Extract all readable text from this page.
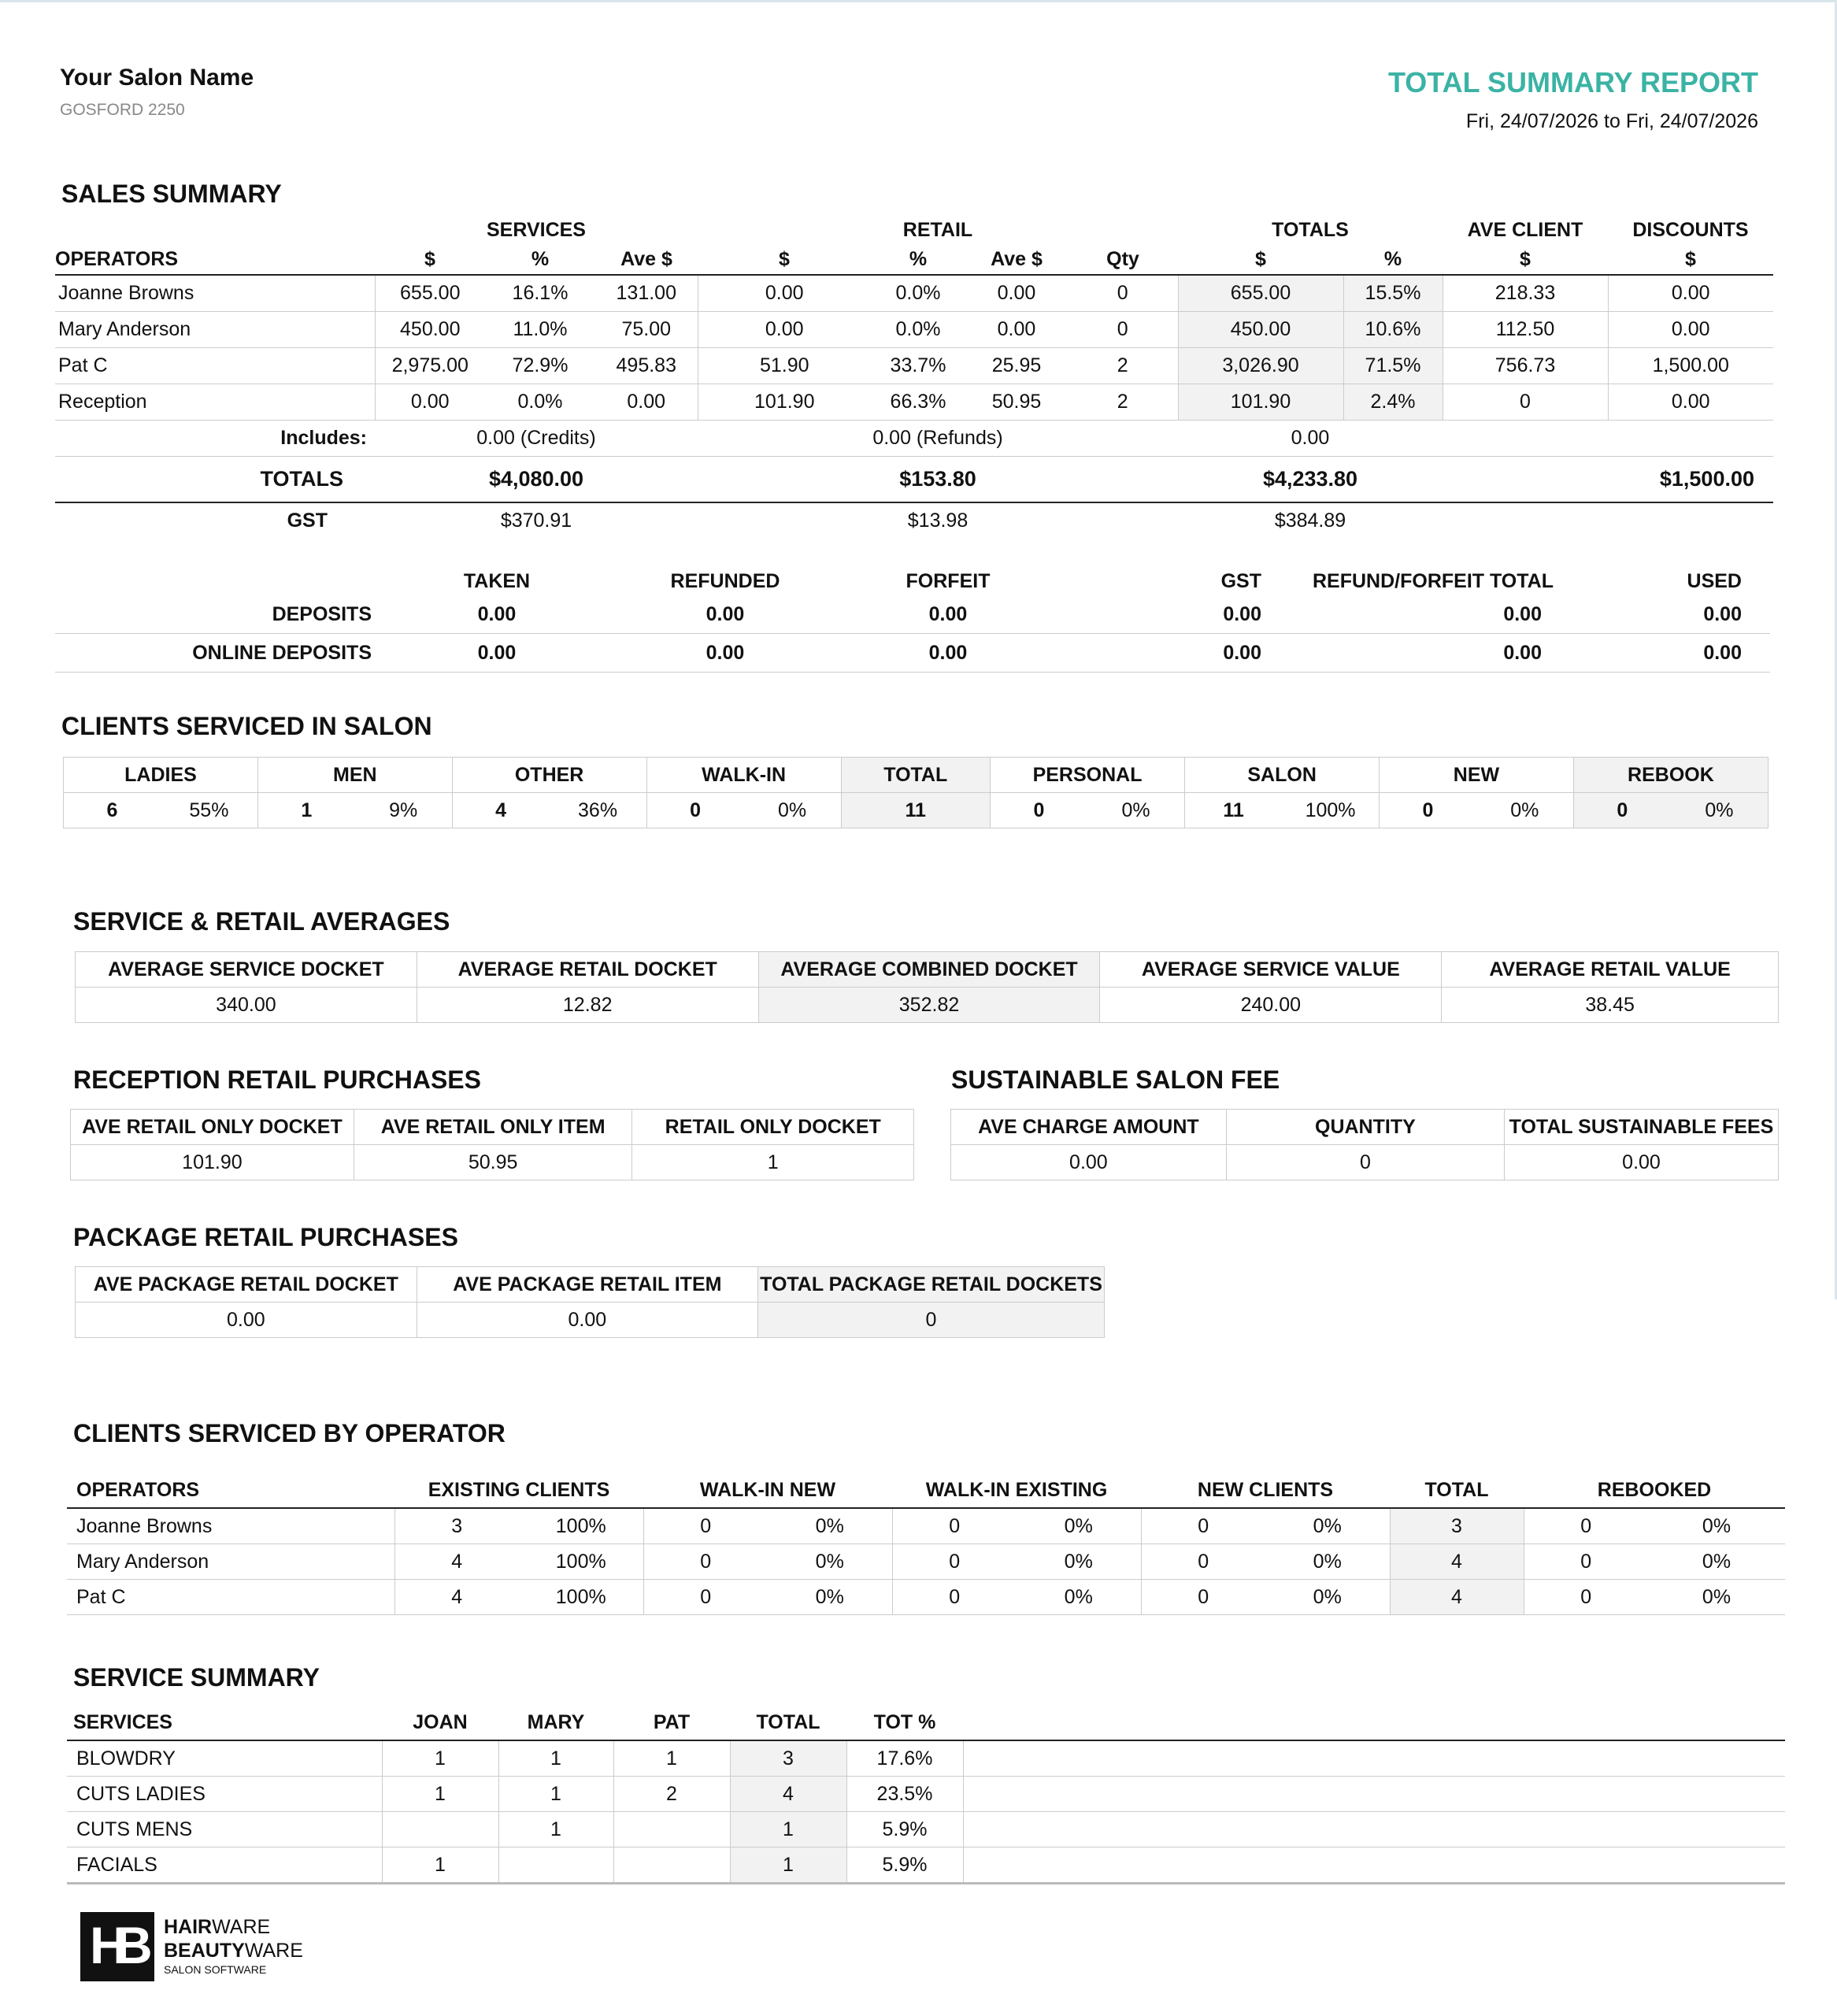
Your Salon Name
GOSFORD 2250
TOTAL SUMMARY REPORT
Fri, 24/07/2026 to Fri, 24/07/2026
SALES SUMMARY
	SERVICES			RETAIL				TOTALS		AVE CLIENT	DISCOUNTS
OPERATORS	$	%	Ave $	$	%	Ave $	Qty	$	%	$	$
Joanne Browns	655.00	16.1%	131.00	0.00	0.0%	0.00	0	655.00	15.5%	218.33	0.00
Mary Anderson	450.00	11.0%	75.00	0.00	0.0%	0.00	0	450.00	10.6%	112.50	0.00
Pat C	2,975.00	72.9%	495.83	51.90	33.7%	25.95	2	3,026.90	71.5%	756.73	1,500.00
Reception	0.00	0.0%	0.00	101.90	66.3%	50.95	2	101.90	2.4%	0	0.00
Includes:	0.00 (Credits)			0.00 (Refunds)				0.00			
TOTALS	$4,080.00			$153.80				$4,233.80			$1,500.00
GST	$370.91			$13.98				$384.89			
	TAKEN	REFUNDED	FORFEIT	GST	REFUND/FORFEIT TOTAL	USED
DEPOSITS	0.00	0.00	0.00	0.00	0.00	0.00
ONLINE DEPOSITS	0.00	0.00	0.00	0.00	0.00	0.00
CLIENTS SERVICED IN SALON
LADIES		MEN		OTHER		WALK-IN		TOTAL	PERSONAL		SALON		NEW		REBOOK	
6	55%	1	9%	4	36%	0	0%	11	0	0%	11	100%	0	0%	0	0%
SERVICE & RETAIL AVERAGES
AVERAGE SERVICE DOCKET	AVERAGE RETAIL DOCKET	AVERAGE COMBINED DOCKET	AVERAGE SERVICE VALUE	AVERAGE RETAIL VALUE
340.00	12.82	352.82	240.00	38.45
RECEPTION RETAIL PURCHASES
AVE RETAIL ONLY DOCKET	AVE RETAIL ONLY ITEM	RETAIL ONLY DOCKET
101.90	50.95	1
SUSTAINABLE SALON FEE
AVE CHARGE AMOUNT	QUANTITY	TOTAL SUSTAINABLE FEES
0.00	0	0.00
PACKAGE RETAIL PURCHASES
AVE PACKAGE RETAIL DOCKET	AVE PACKAGE RETAIL ITEM	TOTAL PACKAGE RETAIL DOCKETS
0.00	0.00	0
CLIENTS SERVICED BY OPERATOR
OPERATORS	EXISTING CLIENTS		WALK-IN NEW		WALK-IN EXISTING		NEW CLIENTS		TOTAL	REBOOKED	
Joanne Browns	3	100%	0	0%	0	0%	0	0%	3	0	0%
Mary Anderson	4	100%	0	0%	0	0%	0	0%	4	0	0%
Pat C	4	100%	0	0%	0	0%	0	0%	4	0	0%
SERVICE SUMMARY
SERVICES	JOAN	MARY	PAT	TOTAL	TOT %	
BLOWDRY	1	1	1	3	17.6%	
CUTS LADIES	1	1	2	4	23.5%	
CUTS MENS		1		1	5.9%	
FACIALS	1			1	5.9%	
H
B HAIRWARE
BEAUTYWARE
SALON SOFTWARE
